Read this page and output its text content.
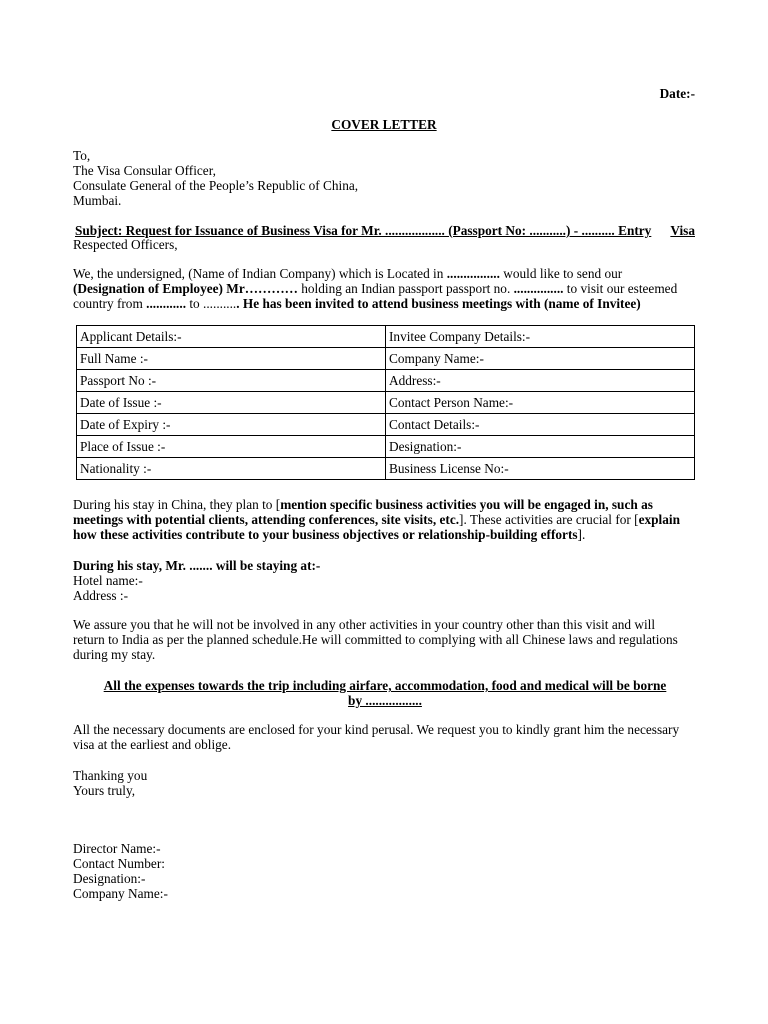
Date:-
COVER LETTER
To,
The Visa Consular Officer,
Consulate General of the People’s Republic of China,
Mumbai.
Subject: Request for Issuance of Business Visa for Mr. .................. (Passport No: ...........) - .......... Entry Visa
Respected Officers,
We, the undersigned, (Name of Indian Company) which is Located in ................ would like to send our
(Designation of Employee) Mr………… holding an Indian passport passport no. ............... to visit our esteemed
country from ............ to ........... He has been invited to attend business meetings with (name of Invitee)
Applicant Details:-	Invitee Company Details:-
Full Name :-	Company Name:-
Passport No :-	Address:-
Date of Issue :-	Contact Person Name:-
Date of Expiry :-	Contact Details:-
Place of Issue :-	Designation:-
Nationality :-	Business License No:-
During his stay in China, they plan to [mention specific business activities you will be engaged in, such as
meetings with potential clients, attending conferences, site visits, etc.]. These activities are crucial for [explain
how these activities contribute to your business objectives or relationship-building efforts].
During his stay, Mr. ....... will be staying at:-
Hotel name:-
Address :-
We assure you that he will not be involved in any other activities in your country other than this visit and will
return to India as per the planned schedule.He will committed to complying with all Chinese laws and regulations
during my stay.
All the expenses towards the trip including airfare, accommodation, food and medical will be borne
by .................
All the necessary documents are enclosed for your kind perusal. We request you to kindly grant him the necessary
visa at the earliest and oblige.
Thanking you
Yours truly,
Director Name:-
Contact Number:
Designation:-
Company Name:-
